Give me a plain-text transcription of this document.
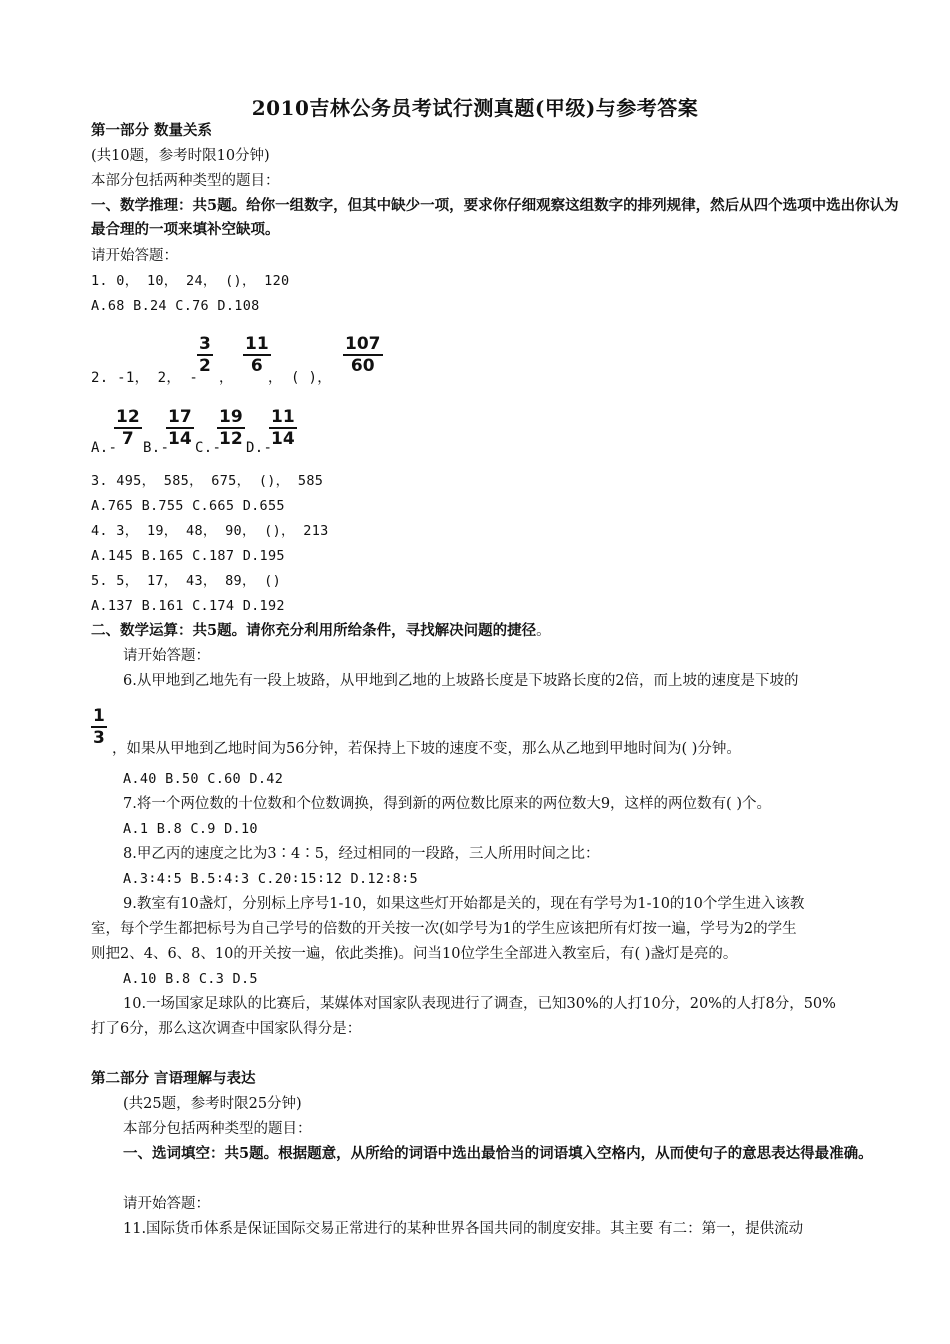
2010吉林公务员考试行测真题(甲级)与参考答案
第一部分 数量关系
(共10题，参考时限10分钟)
本部分包括两种类型的题目：
一、数学推理：共5题。给你一组数字，但其中缺少一项，要求你仔细观察这组数字的排列规律，然后从四个选项中选出你认为最合理的一项来填补空缺项。
请开始答题：
1. 0， 10， 24， ()， 120
A.68 B.24 C.76 D.108
2. -1， 2， -
$\frac{3}{2}$
，
$\frac{11}{6}$
， ( )，
$\frac{107}{60}$
A.-
$\frac{12}{7} B.-$
$\frac{17}{14} C.-$
$\frac{19}{12} D.-$
$\frac{11}{14}$
3. 495， 585， 675， ()， 585
A.765 B.755 C.665 D.655
4. 3， 19， 48， 90， ()， 213
A.145 B.165 C.187 D.195
5. 5， 17， 43， 89， ()
A.137 B.161 C.174 D.192
二、数学运算：共5题。请你充分利用所给条件，寻找解决问题的捷径。
请开始答题：
6.从甲地到乙地先有一段上坡路，从甲地到乙地的上坡路长度是下坡路长度的2倍，而上坡的速度是下坡的
$\frac{1}{3}$
，如果从甲地到乙地时间为56分钟，若保持上下坡的速度不变，那么从乙地到甲地时间为( )分钟。
A.40 B.50 C.60 D.42
7.将一个两位数的十位数和个位数调换，得到新的两位数比原来的两位数大9，这样的两位数有( )个。
A.1 B.8 C.9 D.10
8.甲乙丙的速度之比为3∶4∶5，经过相同的一段路，三人所用时间之比：
A.3∶4∶5 B.5∶4∶3 C.20∶15∶12 D.12∶8∶5
9.教室有10盏灯，分别标上序号1-10，如果这些灯开始都是关的，现在有学号为1-10的10个学生进入该教
室，每个学生都把标号为自己学号的倍数的开关按一次(如学号为1的学生应该把所有灯按一遍，学号为2的学生
则把2、4、6、8、10的开关按一遍，依此类推)。问当10位学生全部进入教室后，有( )盏灯是亮的。
A.10 B.8 C.3 D.5
10.一场国家足球队的比赛后，某媒体对国家队表现进行了调查，已知30%的人打10分，20%的人打8分，50%
打了6分，那么这次调查中国家队得分是：
第二部分 言语理解与表达
(共25题，参考时限25分钟)
本部分包括两种类型的题目：
一、选词填空：共5题。根据题意，从所给的词语中选出最恰当的词语填入空格内，从而使句子的意思表达得最准确。
请开始答题：
11.国际货币体系是保证国际交易正常进行的某种世界各国共同的制度安排。其主要 有二：第一，提供流动
